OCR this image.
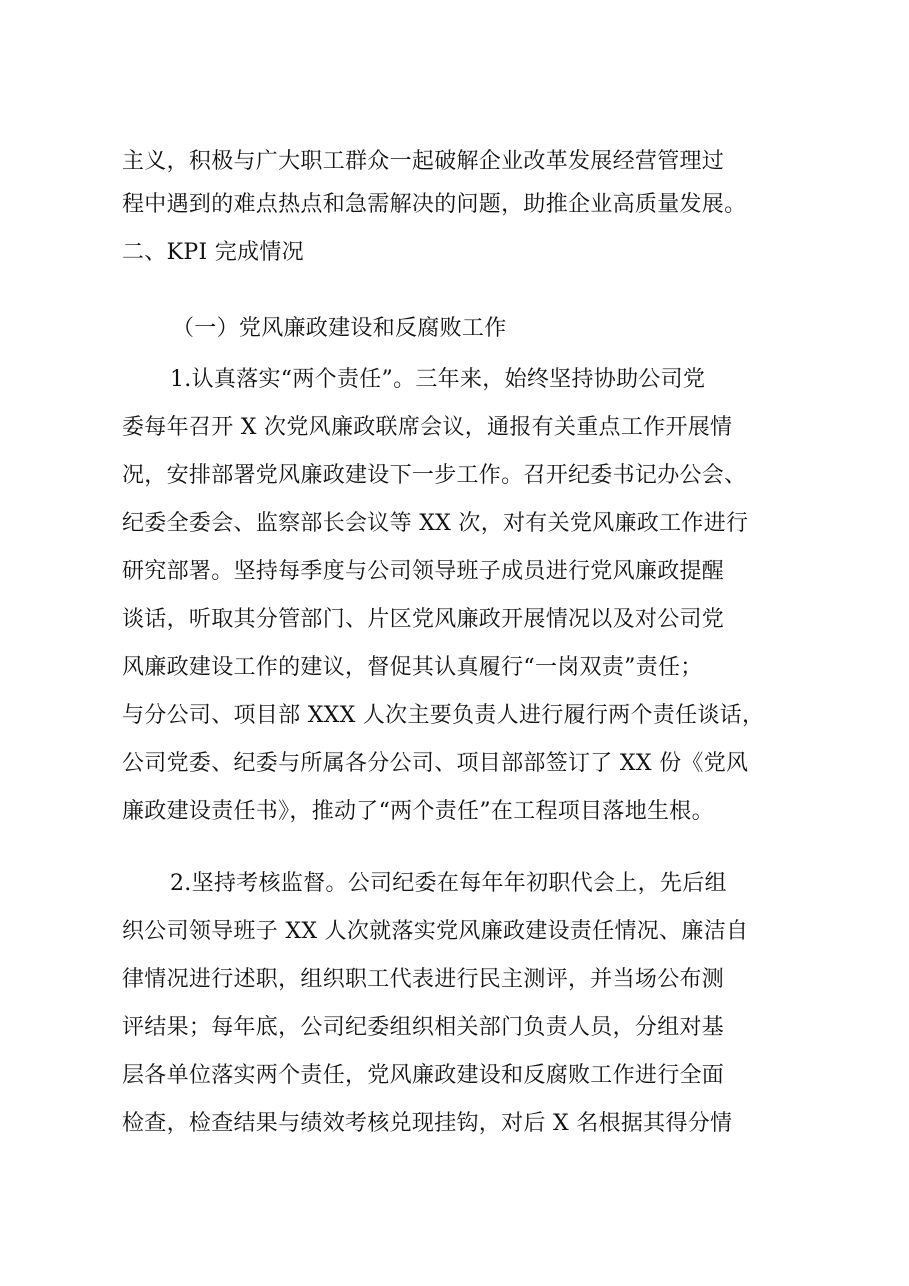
主义，积极与广大职工群众一起破解企业改革发展经营管理过
程中遇到的难点热点和急需解决的问题，助推企业高质量发展。
二、KPI 完成情况
（一）党风廉政建设和反腐败工作
1.认真落实“两个责任”。三年来，始终坚持协助公司党
委每年召开 X 次党风廉政联席会议，通报有关重点工作开展情
况，安排部署党风廉政建设下一步工作。召开纪委书记办公会、
纪委全委会、监察部长会议等 XX 次，对有关党风廉政工作进行
研究部署。坚持每季度与公司领导班子成员进行党风廉政提醒
谈话，听取其分管部门、片区党风廉政开展情况以及对公司党
风廉政建设工作的建议，督促其认真履行“一岗双责”责任；
与分公司、项目部 XXX 人次主要负责人进行履行两个责任谈话，
公司党委、纪委与所属各分公司、项目部部签订了 XX 份《党风
廉政建设责任书》，推动了“两个责任”在工程项目落地生根。
2.坚持考核监督。公司纪委在每年年初职代会上，先后组
织公司领导班子 XX 人次就落实党风廉政建设责任情况、廉洁自
律情况进行述职，组织职工代表进行民主测评，并当场公布测
评结果；每年底，公司纪委组织相关部门负责人员，分组对基
层各单位落实两个责任，党风廉政建设和反腐败工作进行全面
检查，检查结果与绩效考核兑现挂钩，对后 X 名根据其得分情
